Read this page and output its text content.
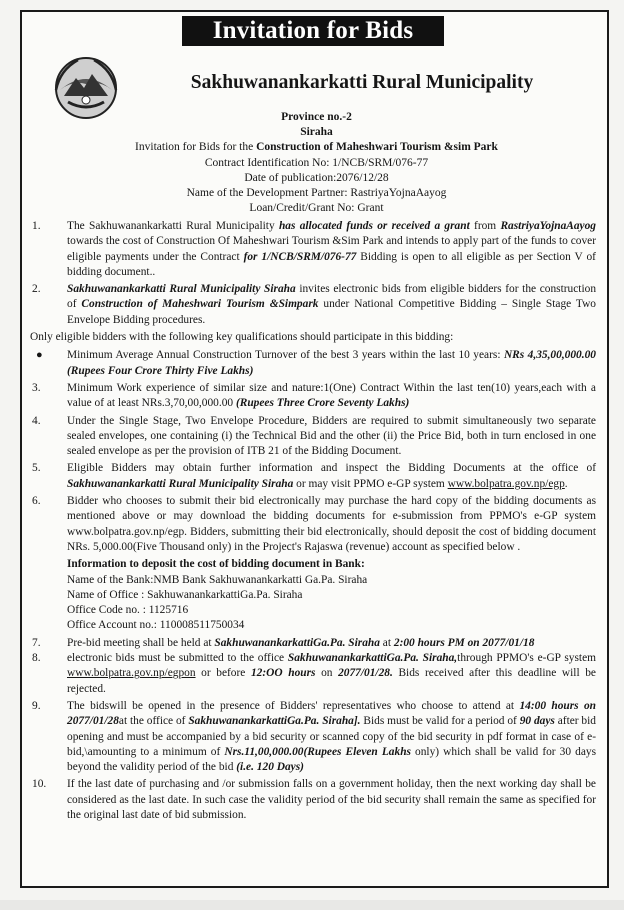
Invitation for Bids
Sakhuwanankarkatti Rural Municipality
Province no.-2
Siraha
Invitation for Bids for the Construction of Maheshwari Tourism &sim Park
Contract Identification No: 1/NCB/SRM/076-77
Date of publication:2076/12/28
Name of the Development Partner: RastriyaYojnaAayog
Loan/Credit/Grant No: Grant
1. The Sakhuwanankarkatti Rural Municipality has allocated funds or received a grant from RastriyaYojnaAayog towards the cost of Construction Of Maheshwari Tourism &Sim Park and intends to apply part of the funds to cover eligible payments under the Contract for 1/NCB/SRM/076-77 Bidding is open to all eligible as per Section V of bidding document..
2. Sakhuwanankarkatti Rural Municipality Siraha invites electronic bids from eligible bidders for the construction of Construction of Maheshwari Tourism &Simpark under National Competitive Bidding – Single Stage Two Envelope Bidding procedures.
Only eligible bidders with the following key qualifications should participate in this bidding:
● Minimum Average Annual Construction Turnover of the best 3 years within the last 10 years: NRs 4,35,00,000.00 (Rupees Four Crore Thirty Five Lakhs)
3. Minimum Work experience of similar size and nature:1(One) Contract Within the last ten(10) years,each with a value of at least NRs.3,70,00,000.00 (Rupees Three Crore Seventy Lakhs)
4. Under the Single Stage, Two Envelope Procedure, Bidders are required to submit simultaneously two separate sealed envelopes, one containing (i) the Technical Bid and the other (ii) the Price Bid, both in turn enclosed in one sealed envelope as per the provision of ITB 21 of the Bidding Document.
5. Eligible Bidders may obtain further information and inspect the Bidding Documents at the office of Sakhuwanankarkatti Rural Municipality Siraha or may visit PPMO e-GP system www.bolpatra.gov.np/egp.
6. Bidder who chooses to submit their bid electronically may purchase the hard copy of the bidding documents as mentioned above or may download the bidding documents for e-submission from PPMO's e-GP system www.bolpatra.gov.np/egp. Bidders, submitting their bid electronically, should deposit the cost of bidding document NRs. 5,000.00(Five Thousand only) in the Project's Rajaswa (revenue) account as specified below .
Information to deposit the cost of bidding document in Bank:
Name of the Bank:NMB Bank Sakhuwanankarkatti Ga.Pa. Siraha
Name of Office : SakhuwanankarkattiGa.Pa. Siraha
Office Code no. : 1125716
Office Account no.: 110008511750034
7. Pre-bid meeting shall be held at SakhuwanankarkattiGa.Pa. Siraha at 2:00 hours PM on 2077/01/18
8. electronic bids must be submitted to the office SakhuwanankarkattiGa.Pa. Siraha,through PPMO's e-GP system www.bolpatra.gov.np/egpon or before 12:OO hours on 2077/01/28. Bids received after this deadline will be rejected.
9. The bidswill be opened in the presence of Bidders' representatives who choose to attend at 14:00 hours on 2077/01/28at the office of SakhuwanankarkattiGa.Pa. Siraha]. Bids must be valid for a period of 90 days after bid opening and must be accompanied by a bid security or scanned copy of the bid security in pdf format in case of e-bid,\amounting to a minimum of Nrs.11,00,000.00(Rupees Eleven Lakhs only) which shall be valid for 30 days beyond the validity period of the bid (i.e. 120 Days)
10. If the last date of purchasing and /or submission falls on a government holiday, then the next working day shall be considered as the last date. In such case the validity period of the bid security shall remain the same as specified for the original last date of bid submission.
